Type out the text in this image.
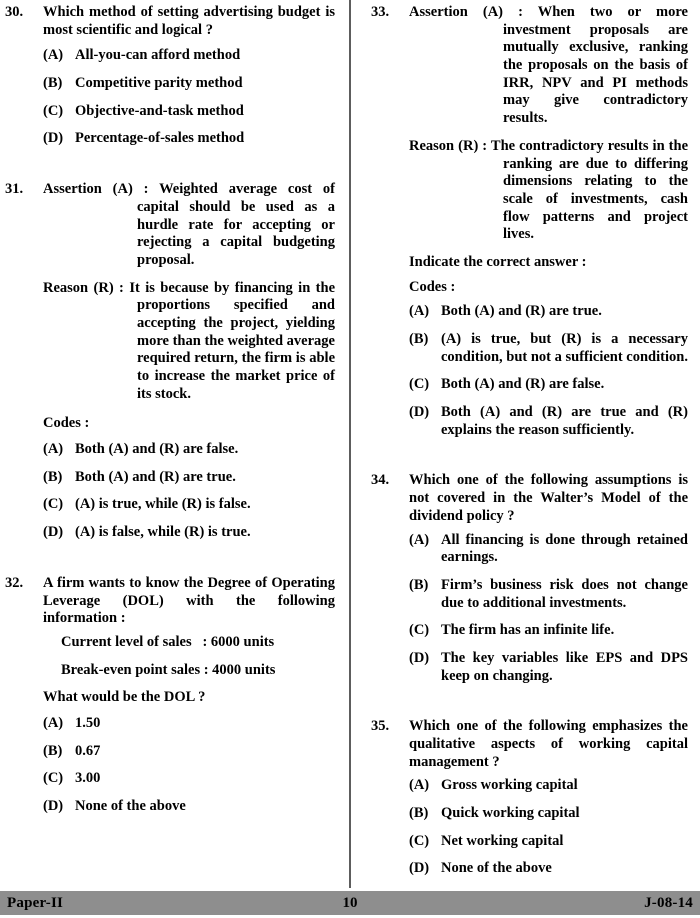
30.	Which method of setting advertising budget is most scientific and logical ?

(A) All-you-can afford method
(B) Competitive parity method
(C) Objective-and-task method
(D) Percentage-of-sales method
31.	Assertion (A) : Weighted average cost of capital should be used as a hurdle rate for accepting or rejecting a capital budgeting proposal.

Reason (R) : It is because by financing in the proportions specified and accepting the project, yielding more than the weighted average required return, the firm is able to increase the market price of its stock.

Codes :
(A) Both (A) and (R) are false.
(B) Both (A) and (R) are true.
(C) (A) is true, while (R) is false.
(D) (A) is false, while (R) is true.
32.	A firm wants to know the Degree of Operating Leverage (DOL) with the following information :

Current level of sales   : 6000 units
Break-even point sales : 4000 units
What would be the DOL ?
(A) 1.50
(B) 0.67
(C) 3.00
(D) None of the above
33.	Assertion (A) : When two or more investment proposals are mutually exclusive, ranking the proposals on the basis of IRR, NPV and PI methods may give contradictory results.

Reason (R) : The contradictory results in the ranking are due to differing dimensions relating to the scale of investments, cash flow patterns and project lives.

Indicate the correct answer :
Codes :
(A) Both (A) and (R) are true.
(B) (A) is true, but (R) is a necessary condition, but not a sufficient condition.
(C) Both (A) and (R) are false.
(D) Both (A) and (R) are true and (R) explains the reason sufficiently.
34.	Which one of the following assumptions is not covered in the Walter’s Model of the dividend policy ?

(A) All financing is done through retained earnings.
(B) Firm’s business risk does not change due to additional investments.
(C) The firm has an infinite life.
(D) The key variables like EPS and DPS keep on changing.
35.	Which one of the following emphasizes the qualitative aspects of working capital management ?

(A) Gross working capital
(B) Quick working capital
(C) Net working capital
(D) None of the above
Paper-II	10	J-08-14
